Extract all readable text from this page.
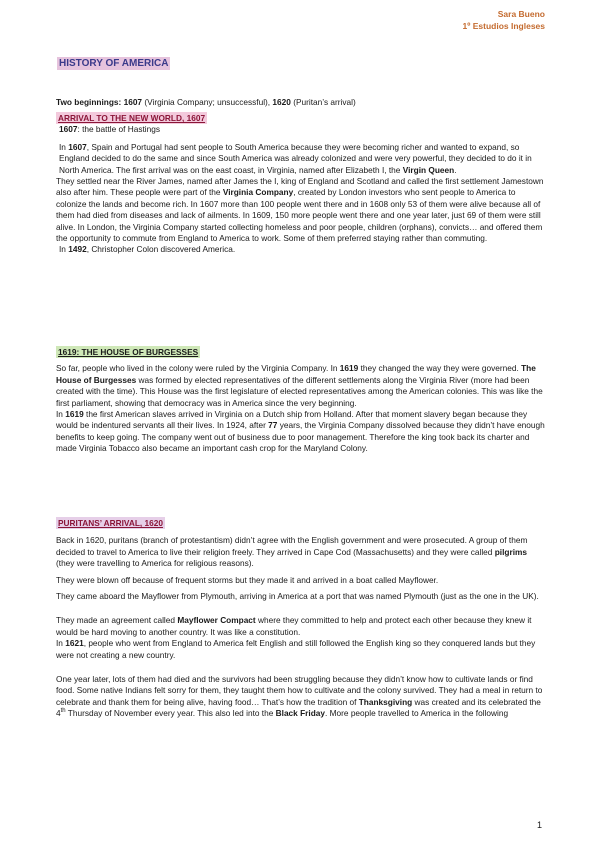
Sara Bueno
1º Estudios Ingleses
HISTORY OF AMERICA

Two beginnings: 1607 (Virginia Company; unsuccessful), 1620 (Puritan’s arrival)

ARRIVAL TO THE NEW WORLD, 1607

1607: the battle of Hastings

In 1607, Spain and Portugal had sent people to South America because they were becoming richer and wanted to expand, so England decided to do the same and since South America was already colonized and were very powerful, they decided to do it in North America. The first arrival was on the east coast, in Virginia, named after Elizabeth I, the Virgin Queen.

They settled near the River James, named after James the I, king of England and Scotland and called the first settlement Jamestown also after him. These people were part of the Virginia Company, created by London investors who sent people to America to colonize the lands and become rich. In 1607 more than 100 people went there and in 1608 only 53 of them were alive because all of them had died from diseases and lack of ailments. In 1609, 150 more people went there and one year later, just 69 of them were still alive. In London, the Virginia Company started collecting homeless and poor people, children (orphans), convicts… and offered them the opportunity to commute from England to America to work. Some of them preferred staying rather than commuting.

In 1492, Christopher Colon discovered America.

1619: THE HOUSE OF BURGESSES

So far, people who lived in the colony were ruled by the Virginia Company. In 1619 they changed the way they were governed. The House of Burgesses was formed by elected representatives of the different settlements along the Virginia River (more had been created with the time). This House was the first legislature of elected representatives among the American colonies. This was like the first parliament, showing that democracy was in America since the very beginning.

In 1619 the first American slaves arrived in Virginia on a Dutch ship from Holland. After that moment slavery began because they would be indentured servants all their lives. In 1924, after 77 years, the Virginia Company dissolved because they didn’t have enough benefits to keep going. The company went out of business due to poor management. Therefore the king took back its charter and made Virginia Tobacco also became an important cash crop for the Maryland Colony.

PURITANS’ ARRIVAL, 1620

Back in 1620, puritans (branch of protestantism) didn’t agree with the English government and were prosecuted. A group of them decided to travel to America to live their religion freely. They arrived in Cape Cod (Massachusetts) and they were called pilgrims (they were travelling to America for religious reasons).

They were blown off because of frequent storms but they made it and arrived in a boat called Mayflower.

They came aboard the Mayflower from Plymouth, arriving in America at a port that was named Plymouth (just as the one in the UK).

They made an agreement called Mayflower Compact where they committed to help and protect each other because they knew it would be hard moving to another country. It was like a constitution.

In 1621, people who went from England to America felt English and still followed the English king so they conquered lands but they were not creating a new country.

One year later, lots of them had died and the survivors had been struggling because they didn’t know how to cultivate lands or find food. Some native Indians felt sorry for them, they taught them how to cultivate and the colony survived. They had a meal in return to celebrate and thank them for being alive, having food… That’s how the tradition of Thanksgiving was created and its celebrated the 4th Thursday of November every year. This also led into the Black Friday. More people travelled to America in the following

1
